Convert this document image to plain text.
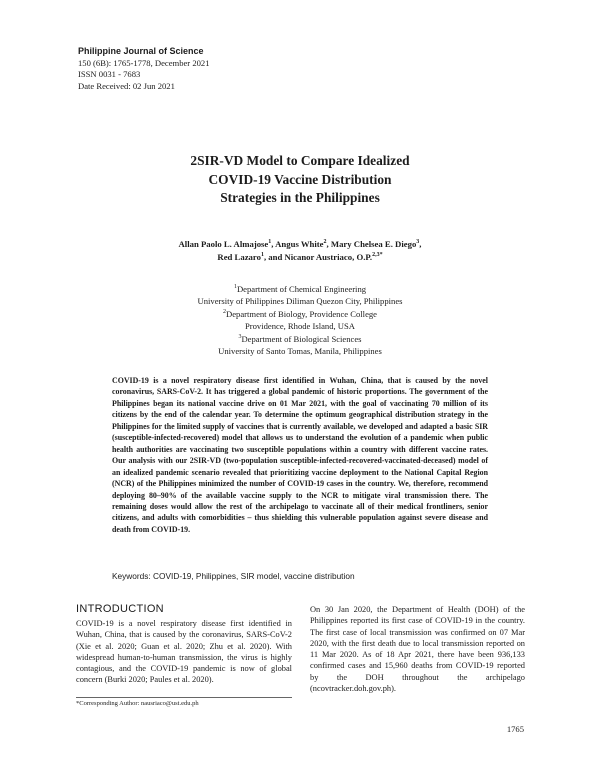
Philippine Journal of Science
150 (6B): 1765-1778, December 2021
ISSN 0031 - 7683
Date Received: 02 Jun 2021
2SIR-VD Model to Compare Idealized
COVID-19 Vaccine Distribution
Strategies in the Philippines
Allan Paolo L. Almajose$^1$, Angus White$^2$, Mary Chelsea E. Diego$^3$,
Red Lazaro$^1$, and Nicanor Austriaco, O.P.$^{2,3*}$
$^1$Department of Chemical Engineering
University of Philippines Diliman Quezon City, Philippines
$^2$Department of Biology, Providence College
Providence, Rhode Island, USA
$^3$Department of Biological Sciences
University of Santo Tomas, Manila, Philippines

COVID-19 is a novel respiratory disease first identified in Wuhan, China, that is caused by the novel coronavirus, SARS-CoV-2. It has triggered a global pandemic of historic proportions. The government of the Philippines began its national vaccine drive on 01 Mar 2021, with the goal of vaccinating 70 million of its citizens by the end of the calendar year. To determine the optimum geographical distribution strategy in the Philippines for the limited supply of vaccines that is currently available, we developed and adapted a basic SIR (susceptible-infected-recovered) model that allows us to understand the evolution of a pandemic when public health authorities are vaccinating two susceptible populations within a country with different vaccine rates. Our analysis with our 2SIR-VD (two-population susceptible-infected-recovered-vaccinated-deceased) model of an idealized pandemic scenario revealed that prioritizing vaccine deployment to the National Capital Region (NCR) of the Philippines minimized the number of COVID-19 cases in the country. We, therefore, recommend deploying 80–90% of the available vaccine supply to the NCR to mitigate viral transmission there. The remaining doses would allow the rest of the archipelago to vaccinate all of their medical frontliners, senior citizens, and adults with comorbidities – thus shielding this vulnerable population against severe disease and death from COVID-19.

Keywords: COVID-19, Philippines, SIR model, vaccine distribution
INTRODUCTION

COVID-19 is a novel respiratory disease first identified in Wuhan, China, that is caused by the coronavirus, SARS-CoV-2 (Xie et al. 2020; Guan et al. 2020; Zhu et al. 2020). With widespread human-to-human transmission, the virus is highly contagious, and the COVID-19 pandemic is now of global concern (Burki 2020; Paules et al. 2020).

On 30 Jan 2020, the Department of Health (DOH) of the Philippines reported its first case of COVID-19 in the country. The first case of local transmission was confirmed on 07 Mar 2020, with the first death due to local transmission reported on 11 Mar 2020. As of 18 Apr 2021, there have been 936,133 confirmed cases and 15,960 deaths from COVID-19 reported by the DOH throughout the archipelago (ncovtracker.doh.gov.ph).

*Corresponding Author: nausriaco@ust.edu.ph
1765
